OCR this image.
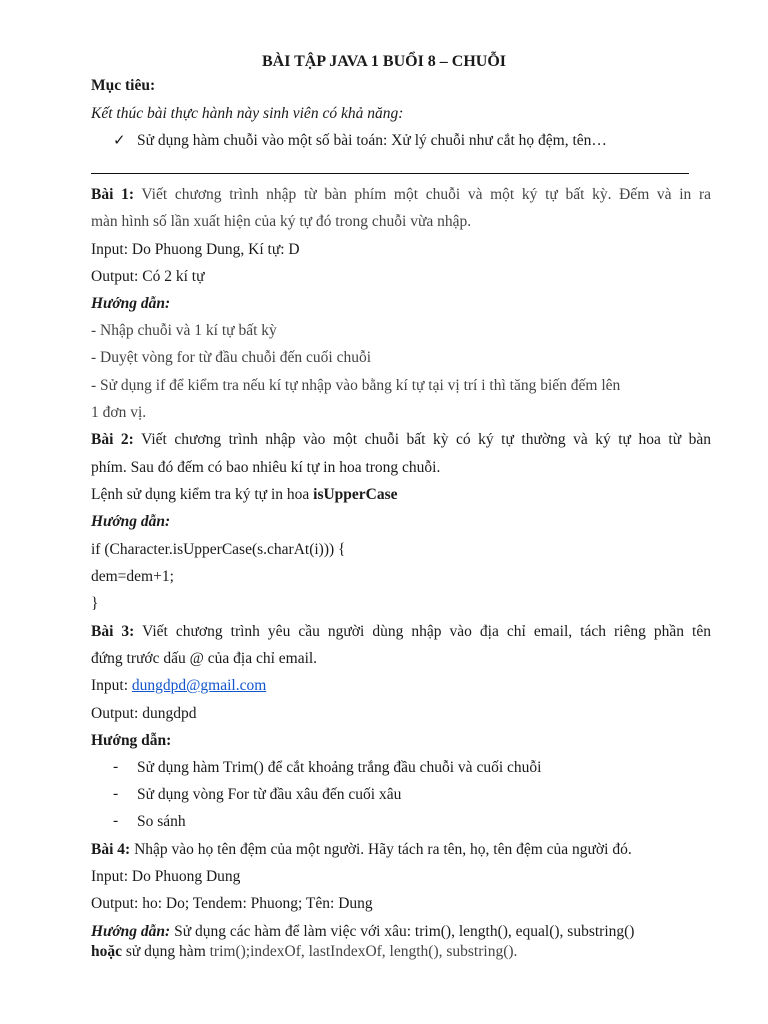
BÀI TẬP JAVA 1 BUỔI 8 – CHUỖI
Mục tiêu:
Kết thúc bài thực hành này sinh viên có khả năng:
✓ Sử dụng hàm chuỗi vào một số bài toán: Xử lý chuỗi như cắt họ đệm, tên…
Bài 1: Viết chương trình nhập từ bàn phím một chuỗi và một ký tự bất kỳ. Đếm và in ra
màn hình số lần xuất hiện của ký tự đó trong chuỗi vừa nhập.
Input: Do Phuong Dung, Kí tự: D
Output: Có 2 kí tự
Hướng dẫn:
- Nhập chuỗi và 1 kí tự bất kỳ
- Duyệt vòng for từ đầu chuỗi đến cuối chuỗi
- Sử dụng if để kiểm tra nếu kí tự nhập vào bằng kí tự tại vị trí i thì tăng biến đếm lên
1 đơn vị.
Bài 2: Viết chương trình nhập vào một chuỗi bất kỳ có ký tự thường và ký tự hoa từ bàn
phím. Sau đó đếm có bao nhiêu kí tự in hoa trong chuỗi.
Lệnh sử dụng kiểm tra ký tự in hoa isUpperCase
Hướng dẫn:
if (Character.isUpperCase(s.charAt(i))) {
dem=dem+1;
}
Bài 3: Viết chương trình yêu cầu người dùng nhập vào địa chỉ email, tách riêng phần tên
đứng trước dấu @ của địa chỉ email.
Input: dungdpd@gmail.com
Output: dungdpd
Hướng dẫn:
- Sử dụng hàm Trim() để cắt khoảng trắng đầu chuỗi và cuối chuỗi
- Sử dụng vòng For từ đầu xâu đến cuối xâu
- So sánh
Bài 4: Nhập vào họ tên đệm của một người. Hãy tách ra tên, họ, tên đệm của người đó.
Input: Do Phuong Dung
Output: ho: Do; Tendem: Phuong; Tên: Dung
Hướng dẫn: Sử dụng các hàm để làm việc với xâu: trim(), length(), equal(), substring()
hoặc sử dụng hàm trim();indexOf, lastIndexOf, length(), substring().
